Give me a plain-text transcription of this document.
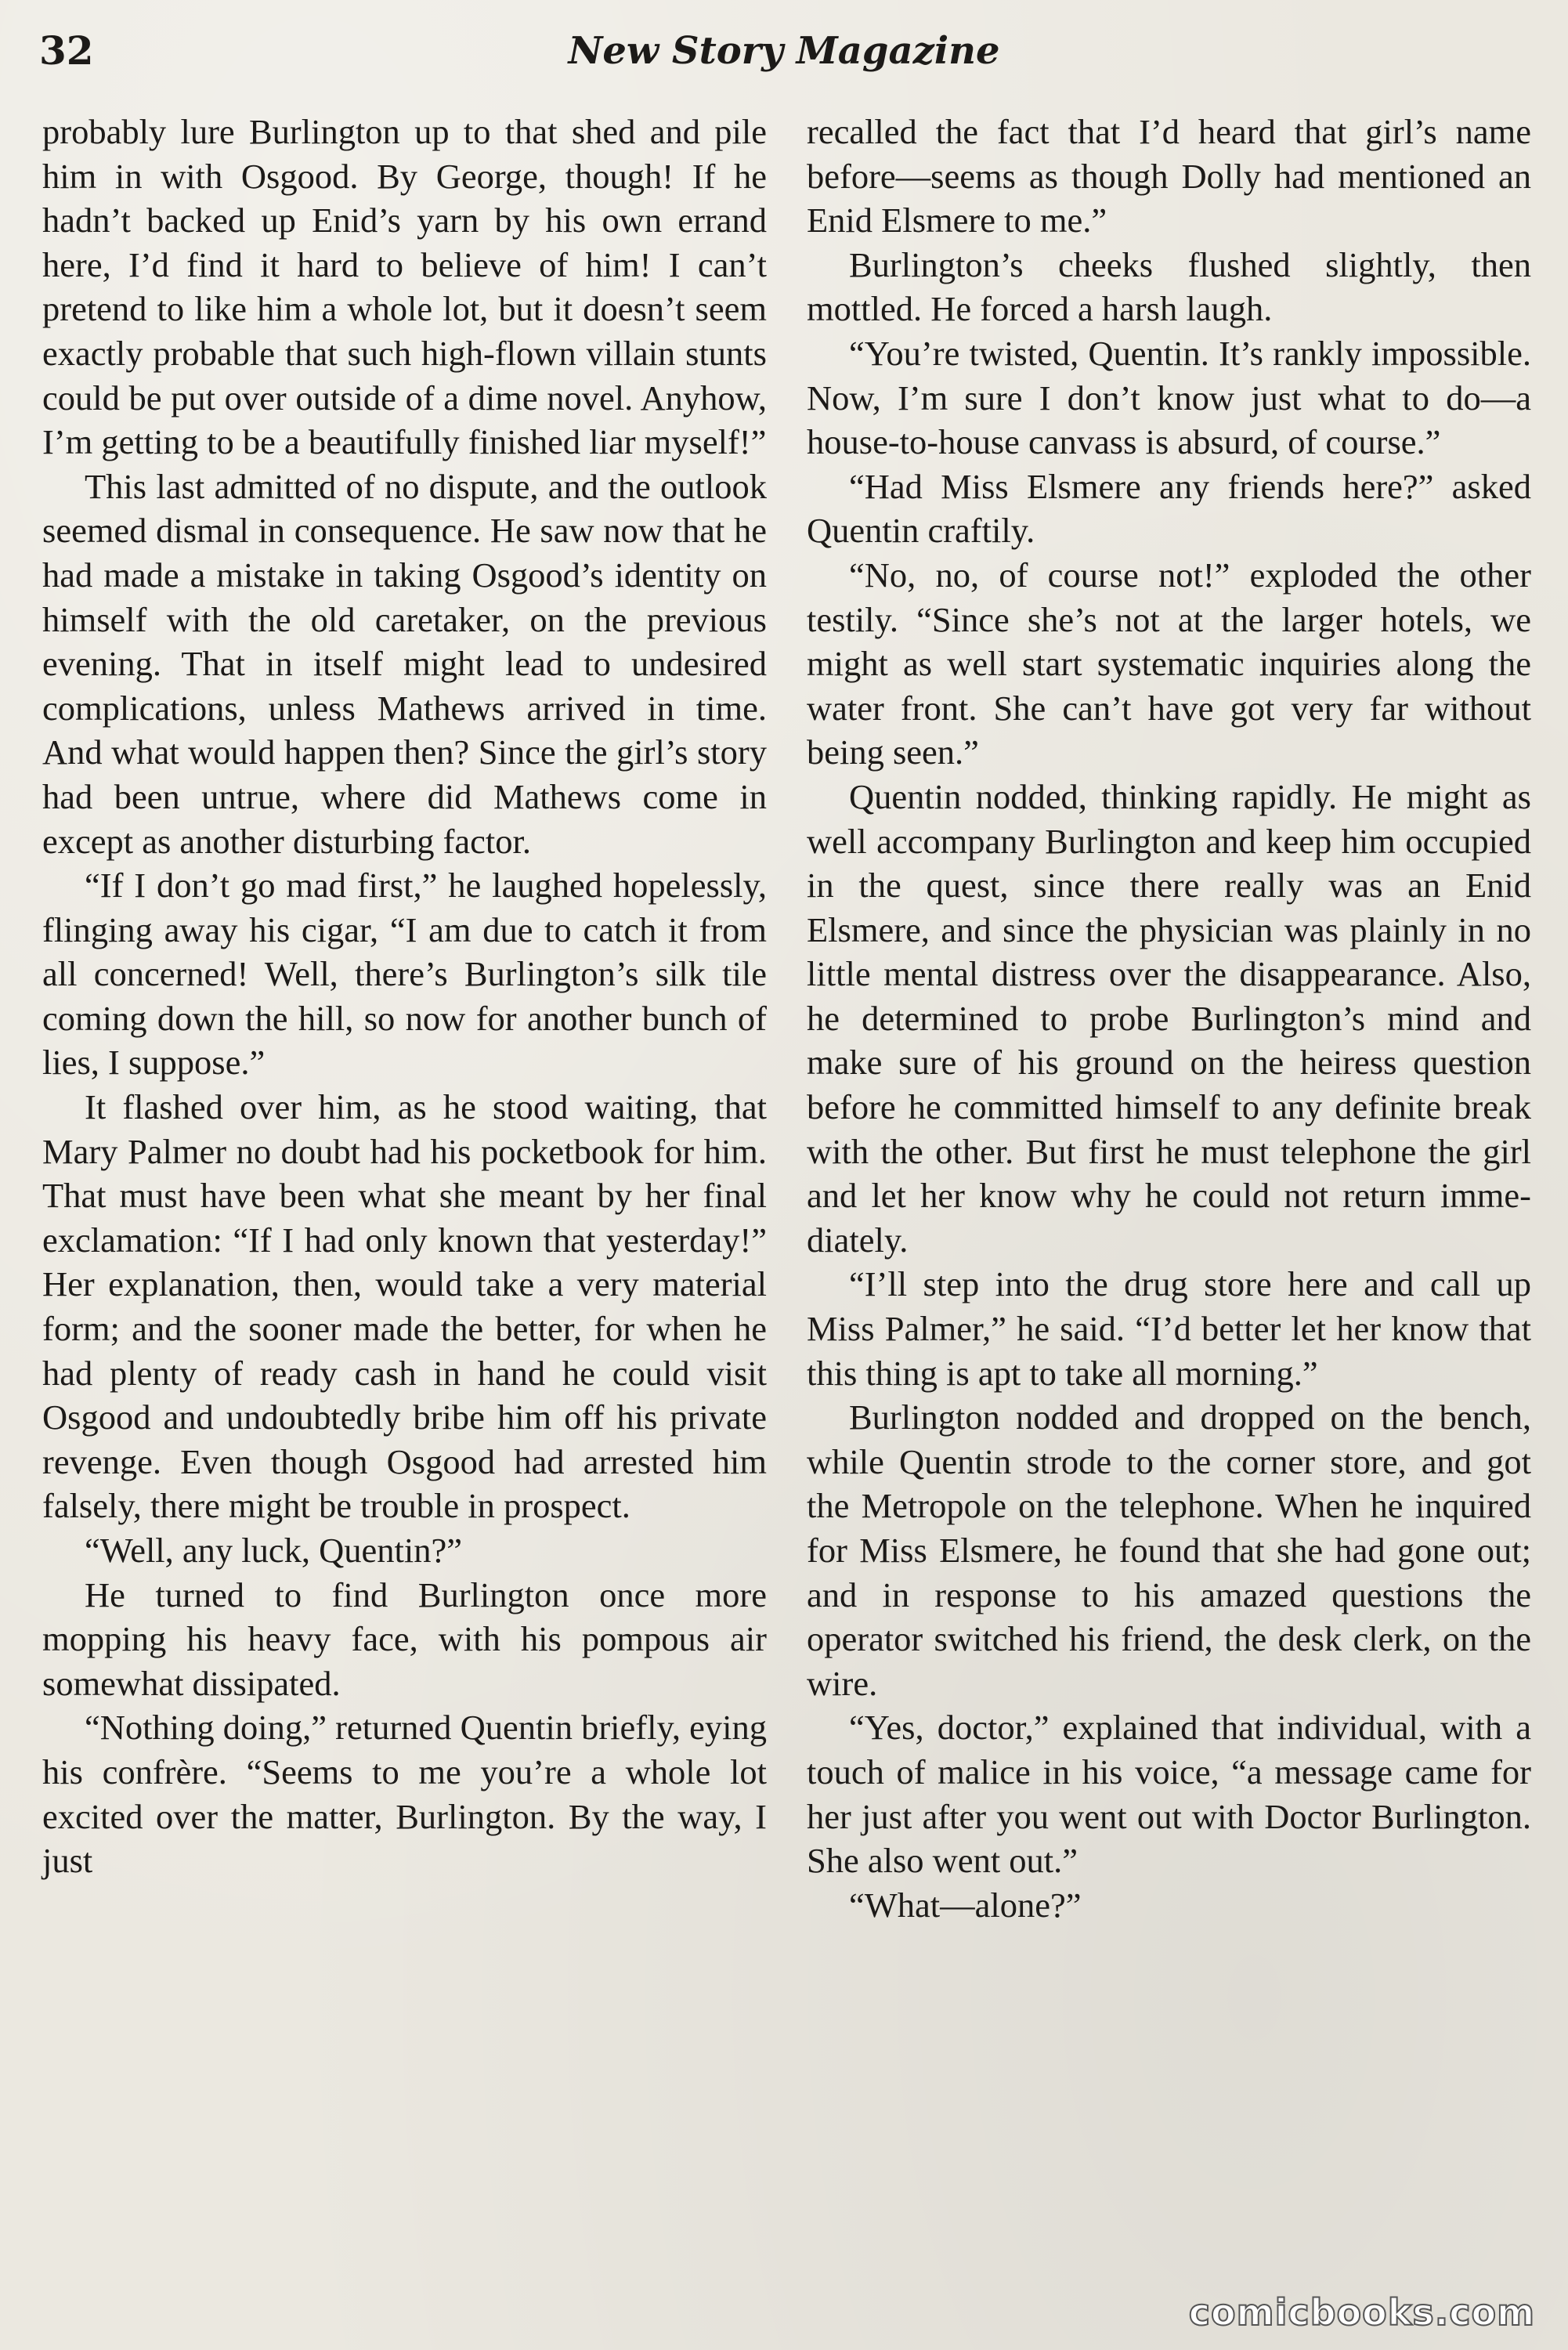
32	New Story Magazine

probably lure Burlington up to that shed and pile him in with Osgood. By George, though! If he hadn’t backed up Enid’s yarn by his own errand here, I’d find it hard to believe of him! I can’t pretend to like him a whole lot, but it doesn’t seem exactly probable that such high-flown villain stunts could be put over outside of a dime novel. Anyhow, I’m getting to be a beautifully finished liar myself!”

This last admitted of no dispute, and the outlook seemed dismal in consequence. He saw now that he had made a mistake in taking Osgood’s identity on himself with the old caretaker, on the previous evening. That in itself might lead to undesired complications, unless Mathews arrived in time. And what would happen then? Since the girl’s story had been untrue, where did Mathews come in except as another disturbing factor.

“If I don’t go mad first,” he laughed hopelessly, flinging away his cigar, “I am due to catch it from all concerned! Well, there’s Burlington’s silk tile coming down the hill, so now for another bunch of lies, I suppose.”

It flashed over him, as he stood waiting, that Mary Palmer no doubt had his pocketbook for him. That must have been what she meant by her final exclamation: “If I had only known that yesterday!” Her explanation, then, would take a very material form; and the sooner made the better, for when he had plenty of ready cash in hand he could visit Osgood and undoubtedly bribe him off his private revenge. Even though Osgood had arrested him falsely, there might be trouble in prospect.

“Well, any luck, Quentin?”

He turned to find Burlington once more mopping his heavy face, with his pompous air somewhat dissipated.

“Nothing doing,” returned Quentin briefly, eying his confrère. “Seems to me you’re a whole lot excited over the matter, Burlington. By the way, I just

recalled the fact that I’d heard that girl’s name before—seems as though Dolly had mentioned an Enid Elsmere to me.”

Burlington’s cheeks flushed slightly, then mottled. He forced a harsh laugh.

“You’re twisted, Quentin. It’s rankly impossible. Now, I’m sure I don’t know just what to do—a house-to-house canvass is absurd, of course.”

“Had Miss Elsmere any friends here?” asked Quentin craftily.

“No, no, of course not!” exploded the other testily. “Since she’s not at the larger hotels, we might as well start systematic inquiries along the water front. She can’t have got very far without being seen.”

Quentin nodded, thinking rapidly. He might as well accompany Burlington and keep him occupied in the quest, since there really was an Enid Elsmere, and since the physician was plainly in no little mental distress over the disappearance. Also, he determined to probe Burlington’s mind and make sure of his ground on the heiress question before he committed himself to any definite break with the other. But first he must telephone the girl and let her know why he could not return immediately.

“I’ll step into the drug store here and call up Miss Palmer,” he said. “I’d better let her know that this thing is apt to take all morning.”

Burlington nodded and dropped on the bench, while Quentin strode to the corner store, and got the Metropole on the telephone. When he inquired for Miss Elsmere, he found that she had gone out; and in response to his amazed questions the operator switched his friend, the desk clerk, on the wire.

“Yes, doctor,” explained that individual, with a touch of malice in his voice, “a message came for her just after you went out with Doctor Burlington. She also went out.”

“What—alone?”

comicbooks.com
